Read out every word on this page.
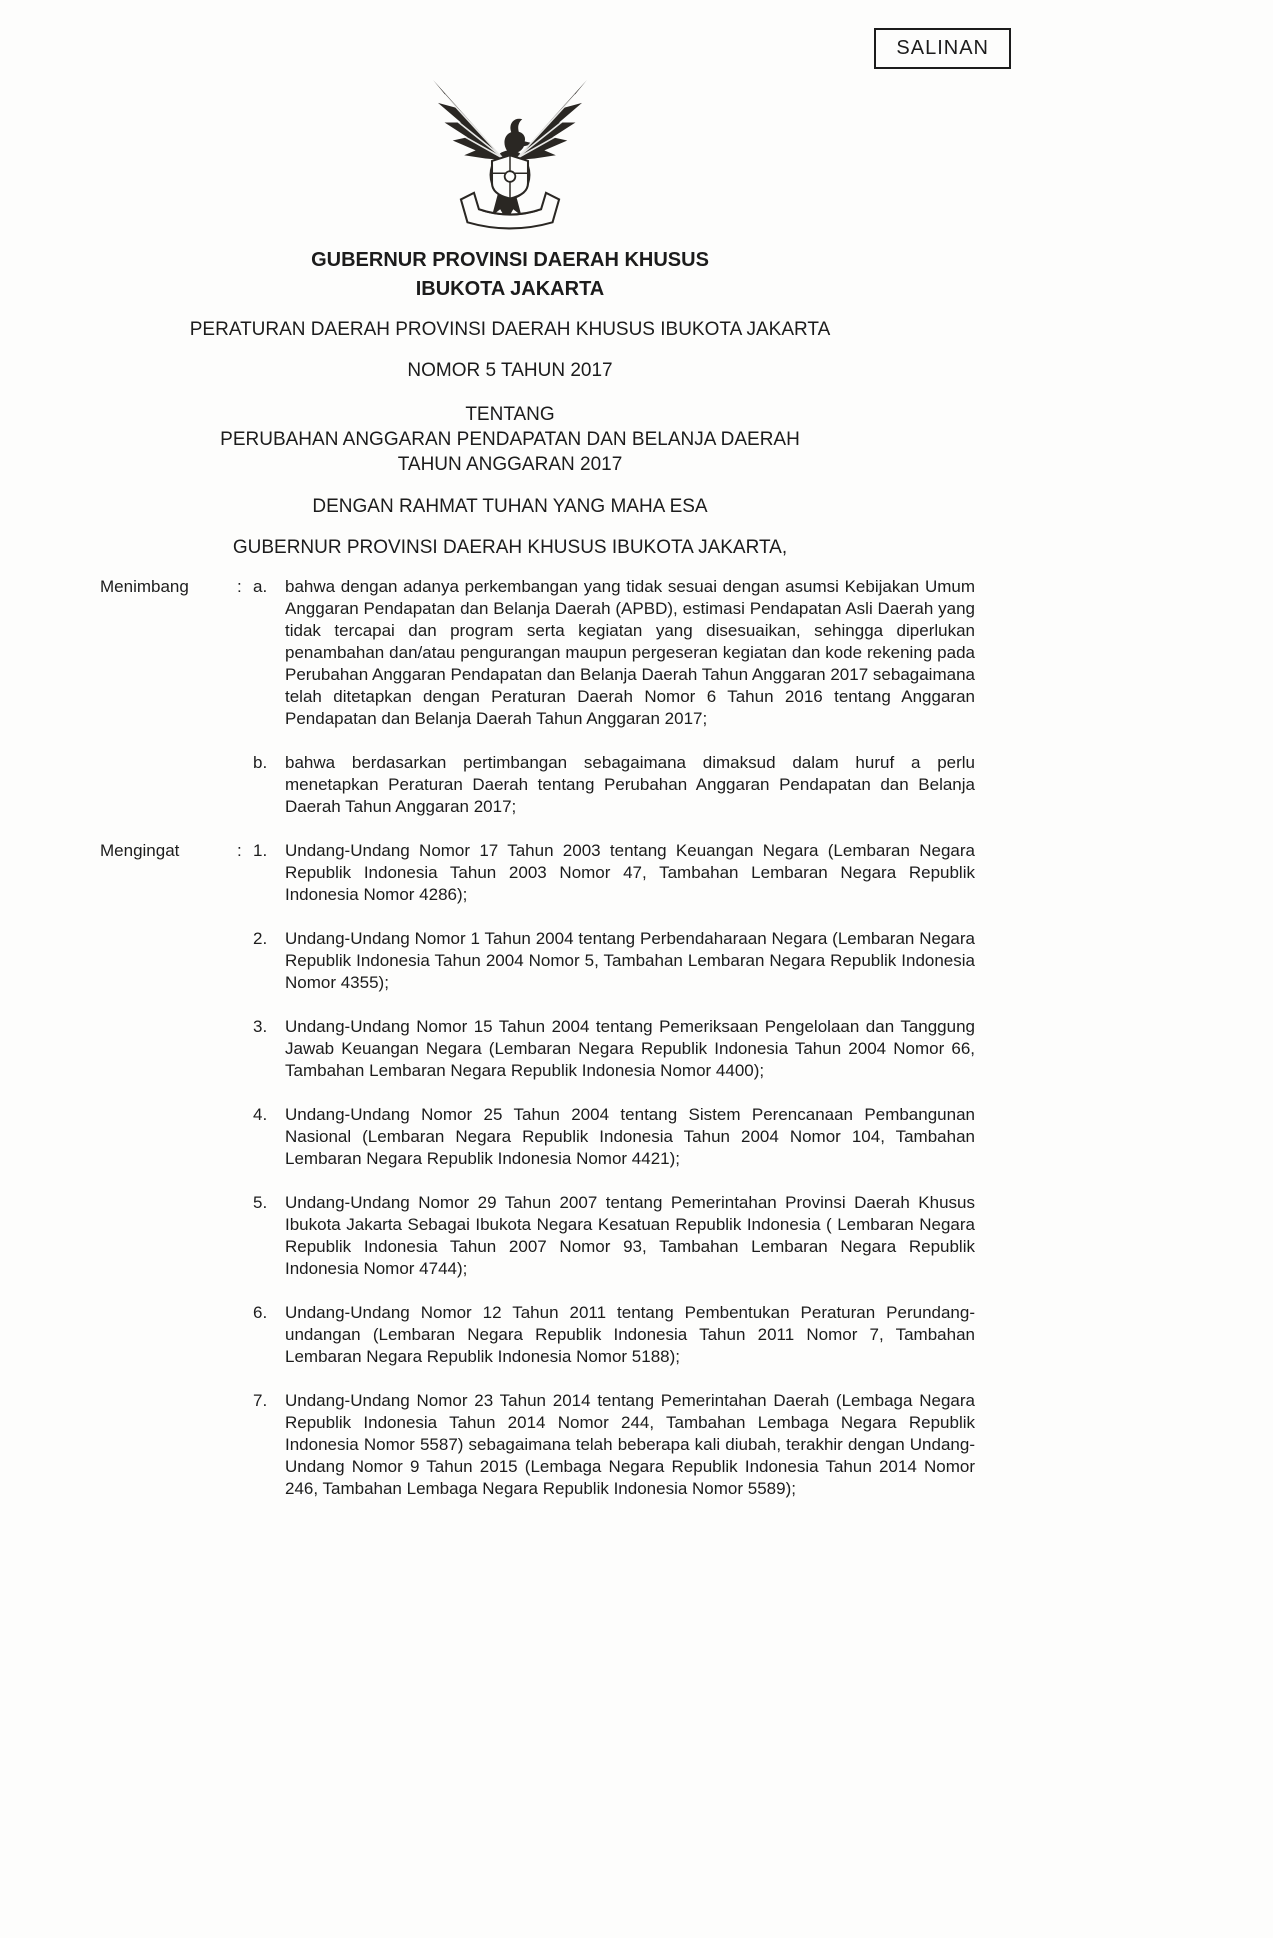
SALINAN
GUBERNUR PROVINSI DAERAH KHUSUS
IBUKOTA JAKARTA
PERATURAN DAERAH PROVINSI DAERAH KHUSUS IBUKOTA JAKARTA
NOMOR 5 TAHUN 2017
TENTANG
PERUBAHAN ANGGARAN PENDAPATAN DAN BELANJA DAERAH
TAHUN ANGGARAN 2017
DENGAN RAHMAT TUHAN YANG MAHA ESA
GUBERNUR PROVINSI DAERAH KHUSUS IBUKOTA JAKARTA,
Menimbang	: a.	bahwa dengan adanya perkembangan yang tidak sesuai dengan asumsi Kebijakan Umum Anggaran Pendapatan dan Belanja Daerah (APBD), estimasi Pendapatan Asli Daerah yang tidak tercapai dan program serta kegiatan yang disesuaikan, sehingga diperlukan penambahan dan/atau pengurangan maupun pergeseran kegiatan dan kode rekening pada Perubahan Anggaran Pendapatan dan Belanja Daerah Tahun Anggaran 2017 sebagaimana telah ditetapkan dengan Peraturan Daerah Nomor 6 Tahun 2016 tentang Anggaran Pendapatan dan Belanja Daerah Tahun Anggaran 2017;
b.	bahwa berdasarkan pertimbangan sebagaimana dimaksud dalam huruf a perlu menetapkan Peraturan Daerah tentang Perubahan Anggaran Pendapatan dan Belanja Daerah Tahun Anggaran 2017;
Mengingat	: 1.	Undang-Undang Nomor 17 Tahun 2003 tentang Keuangan Negara (Lembaran Negara Republik Indonesia Tahun 2003 Nomor 47, Tambahan Lembaran Negara Republik Indonesia Nomor 4286);
2.	Undang-Undang Nomor 1 Tahun 2004 tentang Perbendaharaan Negara (Lembaran Negara Republik Indonesia Tahun 2004 Nomor 5, Tambahan Lembaran Negara Republik Indonesia Nomor 4355);
3.	Undang-Undang Nomor 15 Tahun 2004 tentang Pemeriksaan Pengelolaan dan Tanggung Jawab Keuangan Negara (Lembaran Negara Republik Indonesia Tahun 2004 Nomor 66, Tambahan Lembaran Negara Republik Indonesia Nomor 4400);
4.	Undang-Undang Nomor 25 Tahun 2004 tentang Sistem Perencanaan Pembangunan Nasional (Lembaran Negara Republik Indonesia Tahun 2004 Nomor 104, Tambahan Lembaran Negara Republik Indonesia Nomor 4421);
5.	Undang-Undang Nomor 29 Tahun 2007 tentang Pemerintahan Provinsi Daerah Khusus Ibukota Jakarta Sebagai Ibukota Negara Kesatuan Republik Indonesia ( Lembaran Negara Republik Indonesia Tahun 2007 Nomor 93, Tambahan Lembaran Negara Republik Indonesia Nomor 4744);
6.	Undang-Undang Nomor 12 Tahun 2011 tentang Pembentukan Peraturan Perundang-undangan (Lembaran Negara Republik Indonesia Tahun 2011 Nomor 7, Tambahan Lembaran Negara Republik Indonesia Nomor 5188);
7.	Undang-Undang Nomor 23 Tahun 2014 tentang Pemerintahan Daerah (Lembaga Negara Republik Indonesia Tahun 2014 Nomor 244, Tambahan Lembaga Negara Republik Indonesia Nomor 5587) sebagaimana telah beberapa kali diubah, terakhir dengan Undang-Undang Nomor 9 Tahun 2015 (Lembaga Negara Republik Indonesia Tahun 2014 Nomor 246, Tambahan Lembaga Negara Republik Indonesia Nomor 5589);
